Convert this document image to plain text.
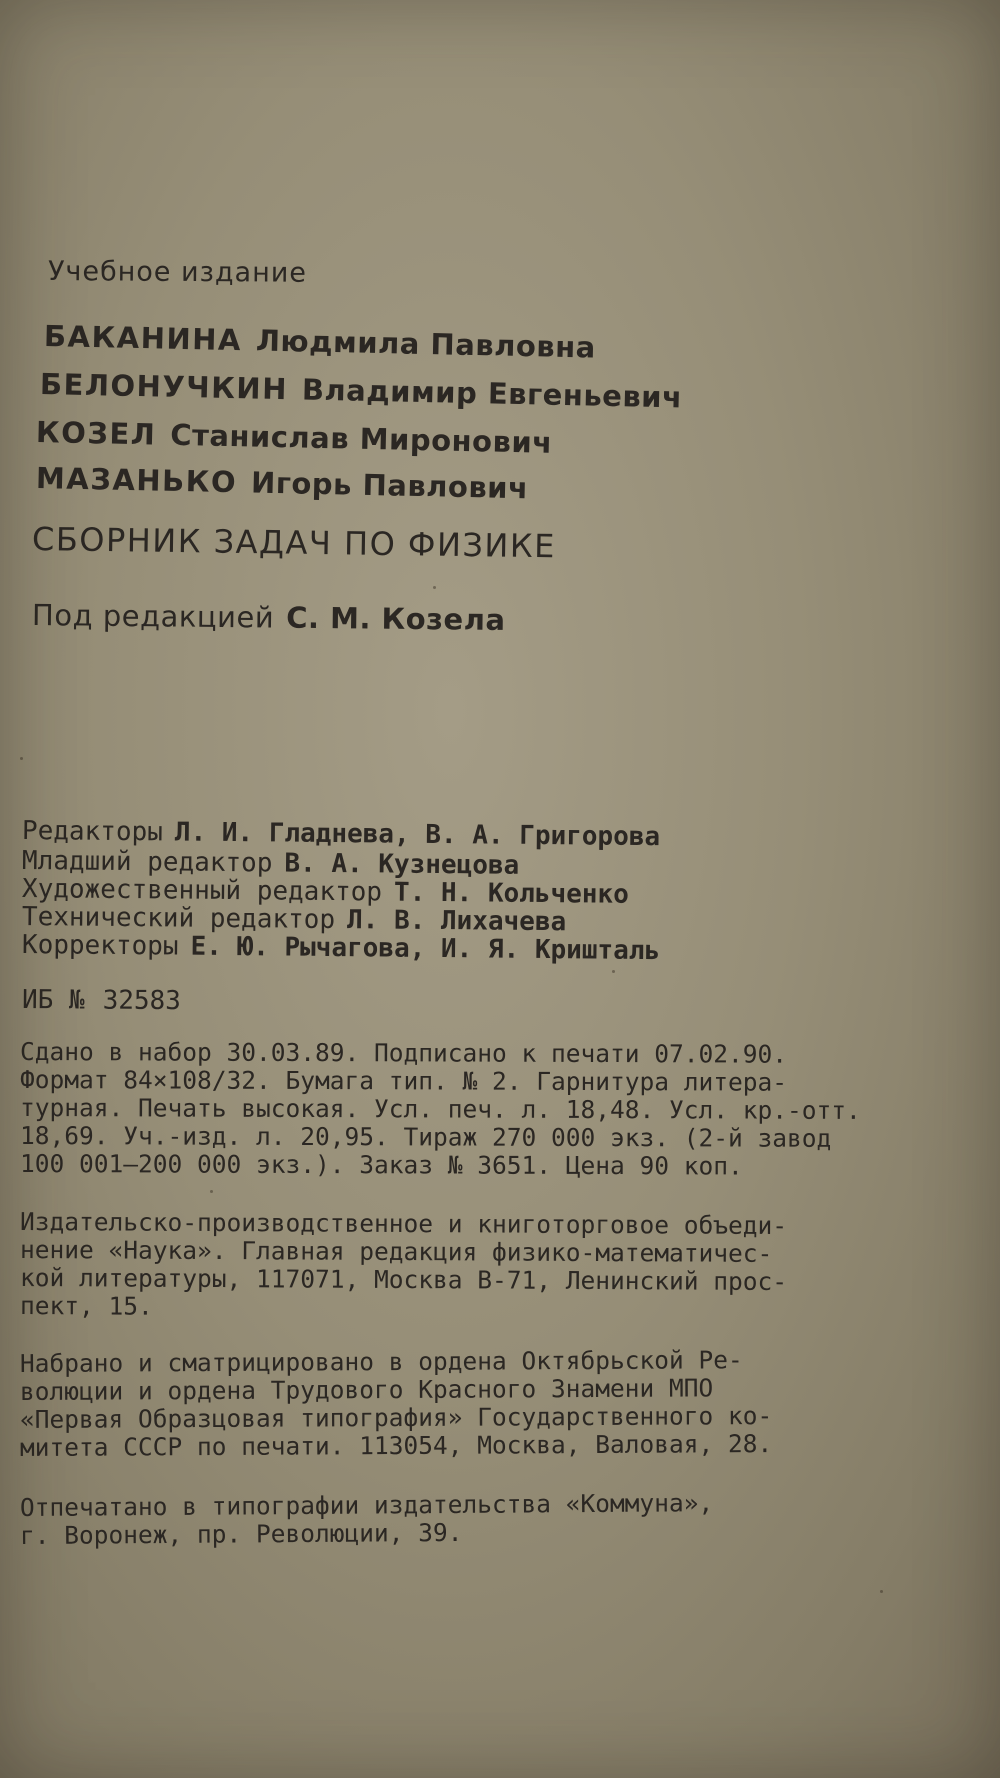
Учебное издание
БАКАНИНА Людмила Павловна
БЕЛОНУЧКИН Владимир Евгеньевич
КОЗЕЛ Станислав Миронович
МАЗАНЬКО Игорь Павлович
СБОРНИК ЗАДАЧ ПО ФИЗИКЕ
Под редакцией С. М. Козела
Редакторы Л. И. Гладнева, В. А. Григорова
Младший редактор В. А. Кузнецова
Художественный редактор Т. Н. Кольченко
Технический редактор Л. В. Лихачева
Корректоры Е. Ю. Рычагова, И. Я. Кришталь
ИБ № 32583
Сдано в набор 30.03.89. Подписано к печати 07.02.90.
Формат 84×108/32. Бумага тип. № 2. Гарнитура литера-
турная. Печать высокая. Усл. печ. л. 18,48. Усл. кр.-отт.
18,69. Уч.-изд. л. 20,95. Тираж 270 000 экз. (2-й завод
100 001—200 000 экз.). Заказ № 3651. Цена 90 коп.
Издательско-производственное и книготорговое объеди-
нение «Наука». Главная редакция физико-математичес-
кой литературы, 117071, Москва В-71, Ленинский прос-
пект, 15.
Набрано и сматрицировано в ордена Октябрьской Ре-
волюции и ордена Трудового Красного Знамени МПО
«Первая Образцовая типография» Государственного ко-
митета СССР по печати. 113054, Москва, Валовая, 28.
Отпечатано в типографии издательства «Коммуна»,
г. Воронеж, пр. Революции, 39.
